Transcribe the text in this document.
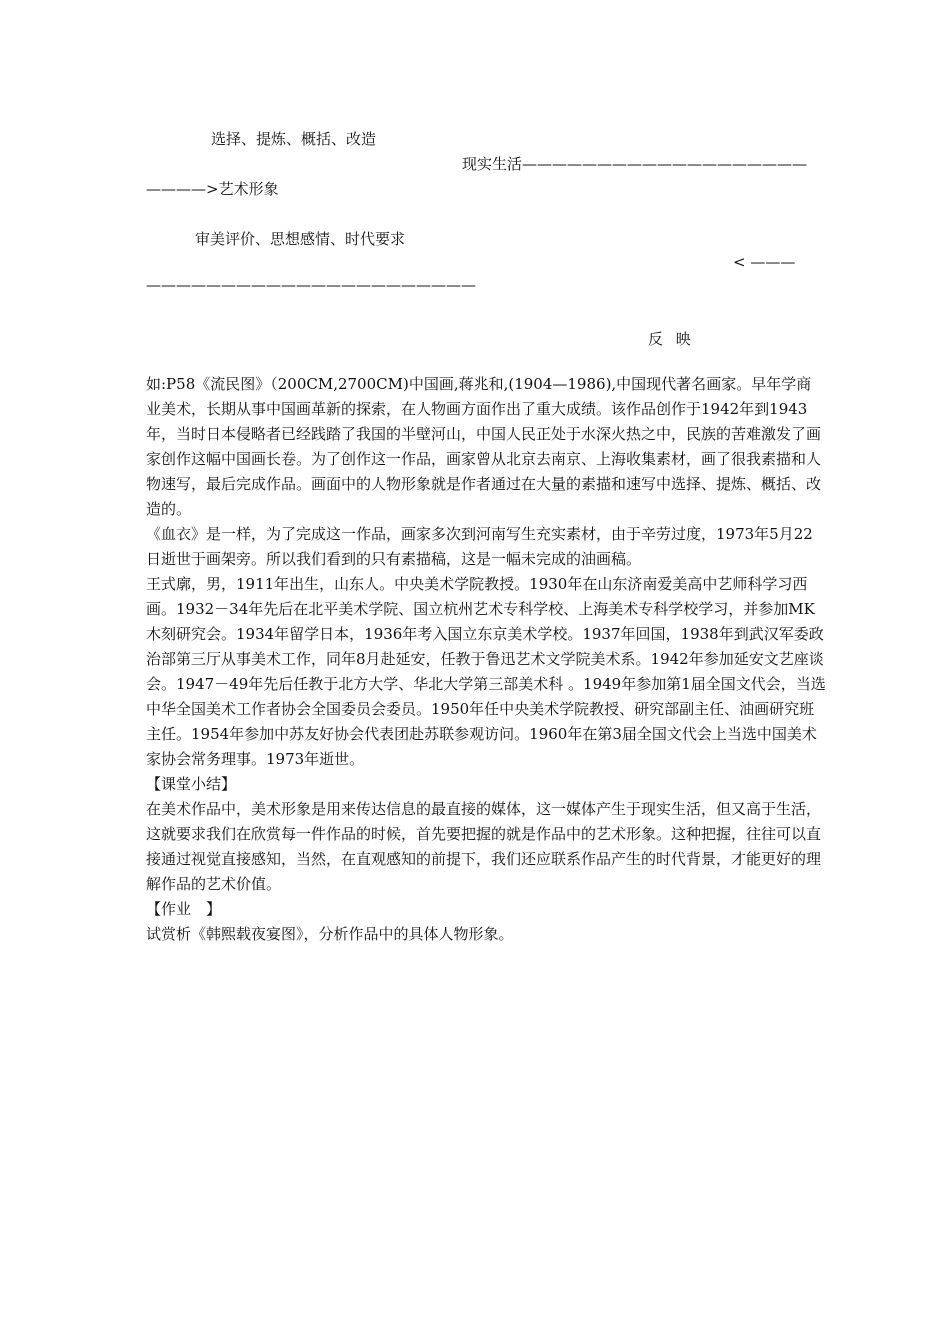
选择、提炼、概括、改造
现实生活———————————————————
————>艺术形象
审美评价、思想感情、时代要求
< ———
——————————————————————
反 映

如:P58《流民图》（200CM,2700CM)中国画,蒋兆和,(1904—1986),中国现代著名画家。早年学商业美术，长期从事中国画革新的探索，在人物画方面作出了重大成绩。该作品创作于1942年到1943年，当时日本侵略者已经践踏了我国的半壁河山，中国人民正处于水深火热之中，民族的苦难激发了画家创作这幅中国画长卷。为了创作这一作品，画家曾从北京去南京、上海收集素材，画了很我素描和人物速写，最后完成作品。画面中的人物形象就是作者通过在大量的素描和速写中选择、提炼、概括、改造的。

《血衣》是一样，为了完成这一作品，画家多次到河南写生充实素材，由于辛劳过度，1973年5月22日逝世于画架旁。所以我们看到的只有素描稿，这是一幅未完成的油画稿。

王式廓，男，1911年出生，山东人。中央美术学院教授。1930年在山东济南爱美高中艺师科学习西画。1932－34年先后在北平美术学院、国立杭州艺术专科学校、上海美术专科学校学习，并参加MK木刻研究会。1934年留学日本，1936年考入国立东京美术学校。1937年回国，1938年到武汉军委政治部第三厅从事美术工作，同年8月赴延安，任教于鲁迅艺术文学院美术系。1942年参加延安文艺座谈会。1947－49年先后任教于北方大学、华北大学第三部美术科 。1949年参加第1届全国文代会，当选中华全国美术工作者协会全国委员会委员。1950年任中央美术学院教授、研究部副主任、油画研究班主任。1954年参加中苏友好协会代表团赴苏联参观访问。1960年在第3届全国文代会上当选中国美术家协会常务理事。1973年逝世。

【课堂小结】

在美术作品中，美术形象是用来传达信息的最直接的媒体，这一媒体产生于现实生活，但又高于生活，这就要求我们在欣赏每一件作品的时候，首先要把握的就是作品中的艺术形象。这种把握，往往可以直接通过视觉直接感知，当然，在直观感知的前提下，我们还应联系作品产生的时代背景，才能更好的理解作品的艺术价值。

【作业　】

试赏析《韩熙载夜宴图》，分析作品中的具体人物形象。
